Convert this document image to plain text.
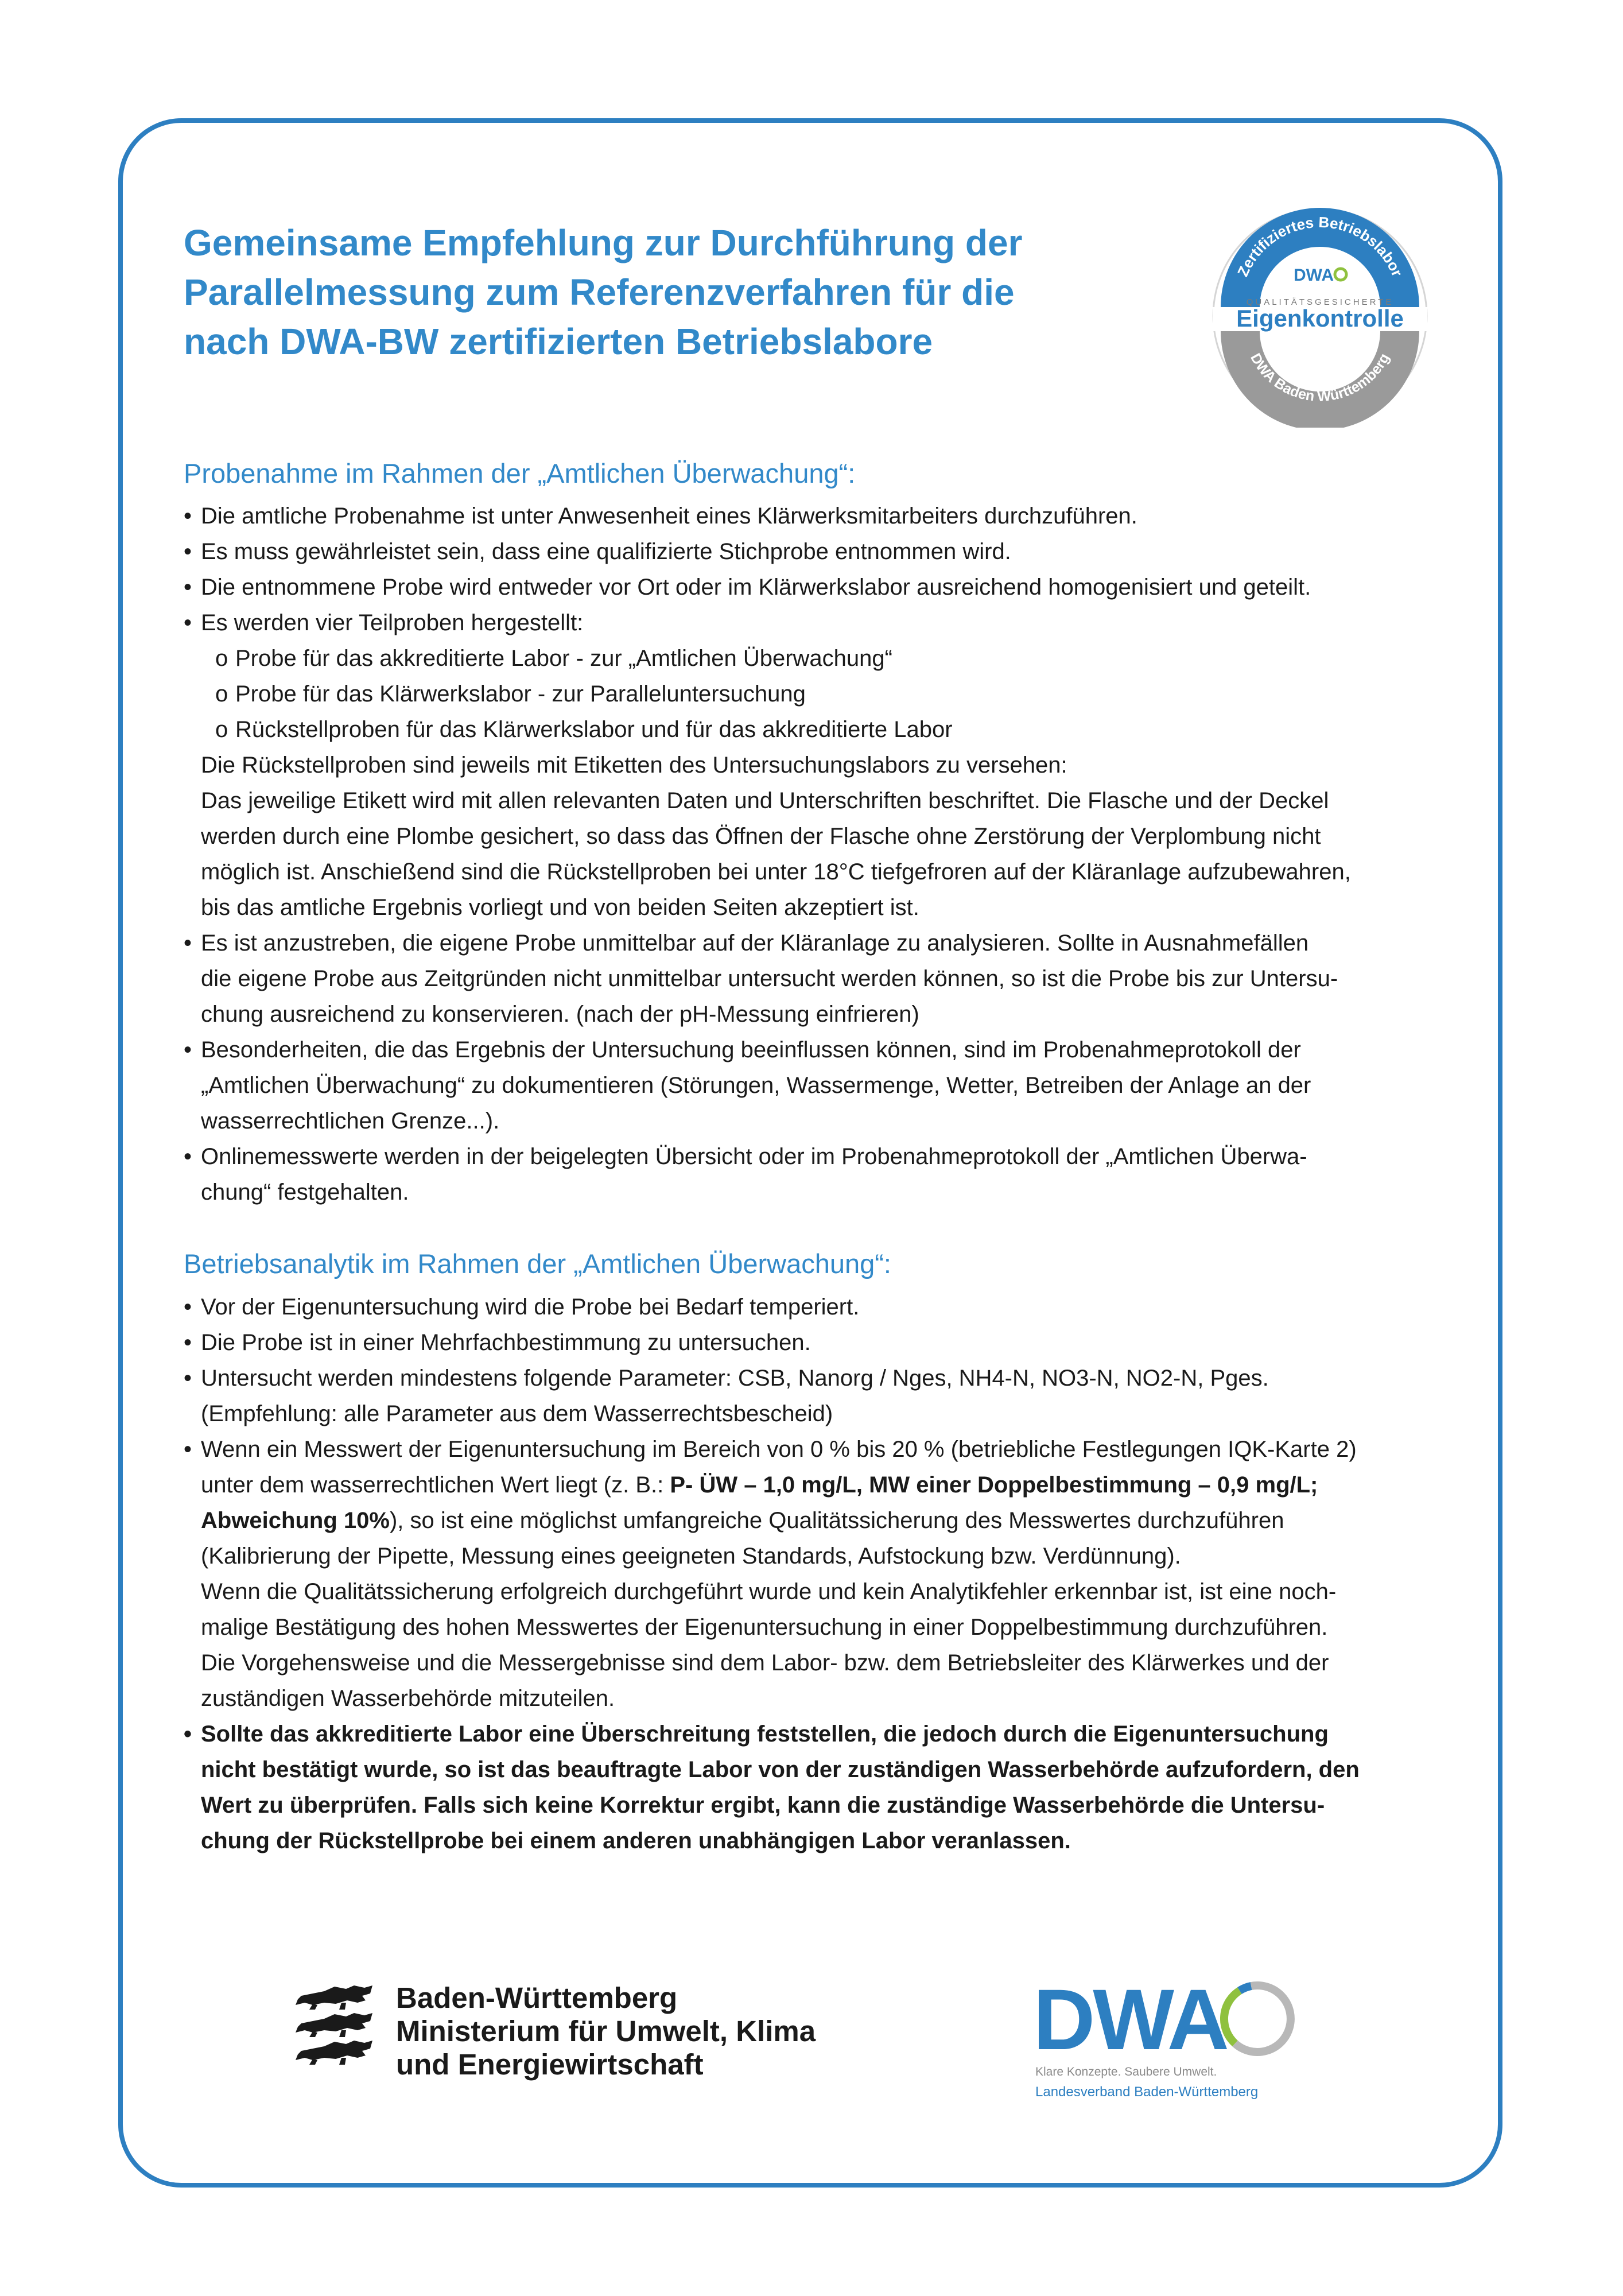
Gemeinsame Empfehlung zur Durchführung der
Parallelmessung zum Referenzverfahren für die
nach DWA-BW zertifizierten Betriebslabore
Zertifiziertes Betriebslabor
DWA Baden Württemberg
DWA
QUALITÄTSGESICHERTE
Eigenkontrolle
Probenahme im Rahmen der „Amtlichen Überwachung“:

• Die amtliche Probenahme ist unter Anwesenheit eines Klärwerksmitarbeiters durchzuführen.

• Es muss gewährleistet sein, dass eine qualifizierte Stichprobe entnommen wird.

• Die entnommene Probe wird entweder vor Ort oder im Klärwerkslabor ausreichend homogenisiert und geteilt.

• Es werden vier Teilproben hergestellt:

o Probe für das akkreditierte Labor - zur „Amtlichen Überwachung“

o Probe für das Klärwerkslabor - zur Paralleluntersuchung

o Rückstellproben für das Klärwerkslabor und für das akkreditierte Labor

Die Rückstellproben sind jeweils mit Etiketten des Untersuchungslabors zu versehen:

Das jeweilige Etikett wird mit allen relevanten Daten und Unterschriften beschriftet. Die Flasche und der Deckel

werden durch eine Plombe gesichert, so dass das Öffnen der Flasche ohne Zerstörung der Verplombung nicht

möglich ist. Anschießend sind die Rückstellproben bei unter 18°C tiefgefroren auf der Kläranlage aufzubewahren,

bis das amtliche Ergebnis vorliegt und von beiden Seiten akzeptiert ist.

• Es ist anzustreben, die eigene Probe unmittelbar auf der Kläranlage zu analysieren. Sollte in Ausnahmefällen

die eigene Probe aus Zeitgründen nicht unmittelbar untersucht werden können, so ist die Probe bis zur Untersu-

chung ausreichend zu konservieren. (nach der pH-Messung einfrieren)

• Besonderheiten, die das Ergebnis der Untersuchung beeinflussen können, sind im Probenahmeprotokoll der

„Amtlichen Überwachung“ zu dokumentieren (Störungen, Wassermenge, Wetter, Betreiben der Anlage an der

wasserrechtlichen Grenze...).

• Onlinemesswerte werden in der beigelegten Übersicht oder im Probenahmeprotokoll der „Amtlichen Überwa-

chung“ festgehalten.

Betriebsanalytik im Rahmen der „Amtlichen Überwachung“:

• Vor der Eigenuntersuchung wird die Probe bei Bedarf temperiert.

• Die Probe ist in einer Mehrfachbestimmung zu untersuchen.

• Untersucht werden mindestens folgende Parameter: CSB, Nanorg / Nges, NH4-N, NO3-N, NO2-N, Pges.

(Empfehlung: alle Parameter aus dem Wasserrechtsbescheid)

• Wenn ein Messwert der Eigenuntersuchung im Bereich von 0 % bis 20 % (betriebliche Festlegungen IQK-Karte 2)

unter dem wasserrechtlichen Wert liegt (z. B.: P- ÜW – 1,0 mg/L, MW einer Doppelbestimmung – 0,9 mg/L;

Abweichung 10%), so ist eine möglichst umfangreiche Qualitätssicherung des Messwertes durchzuführen

(Kalibrierung der Pipette, Messung eines geeigneten Standards, Aufstockung bzw. Verdünnung).

Wenn die Qualitätssicherung erfolgreich durchgeführt wurde und kein Analytikfehler erkennbar ist, ist eine noch-

malige Bestätigung des hohen Messwertes der Eigenuntersuchung in einer Doppelbestimmung durchzuführen.

Die Vorgehensweise und die Messergebnisse sind dem Labor- bzw. dem Betriebsleiter des Klärwerkes und der

zuständigen Wasserbehörde mitzuteilen.

• Sollte das akkreditierte Labor eine Überschreitung feststellen, die jedoch durch die Eigenuntersuchung

nicht bestätigt wurde, so ist das beauftragte Labor von der zuständigen Wasserbehörde aufzufordern, den

Wert zu überprüfen. Falls sich keine Korrektur ergibt, kann die zuständige Wasserbehörde die Untersu-

chung der Rückstellprobe bei einem anderen unabhängigen Labor veranlassen.

Baden-Württemberg
Ministerium für Umwelt, Klima
und Energiewirtschaft	DWA
Klare Konzepte. Saubere Umwelt.
Landesverband Baden-Württemberg
